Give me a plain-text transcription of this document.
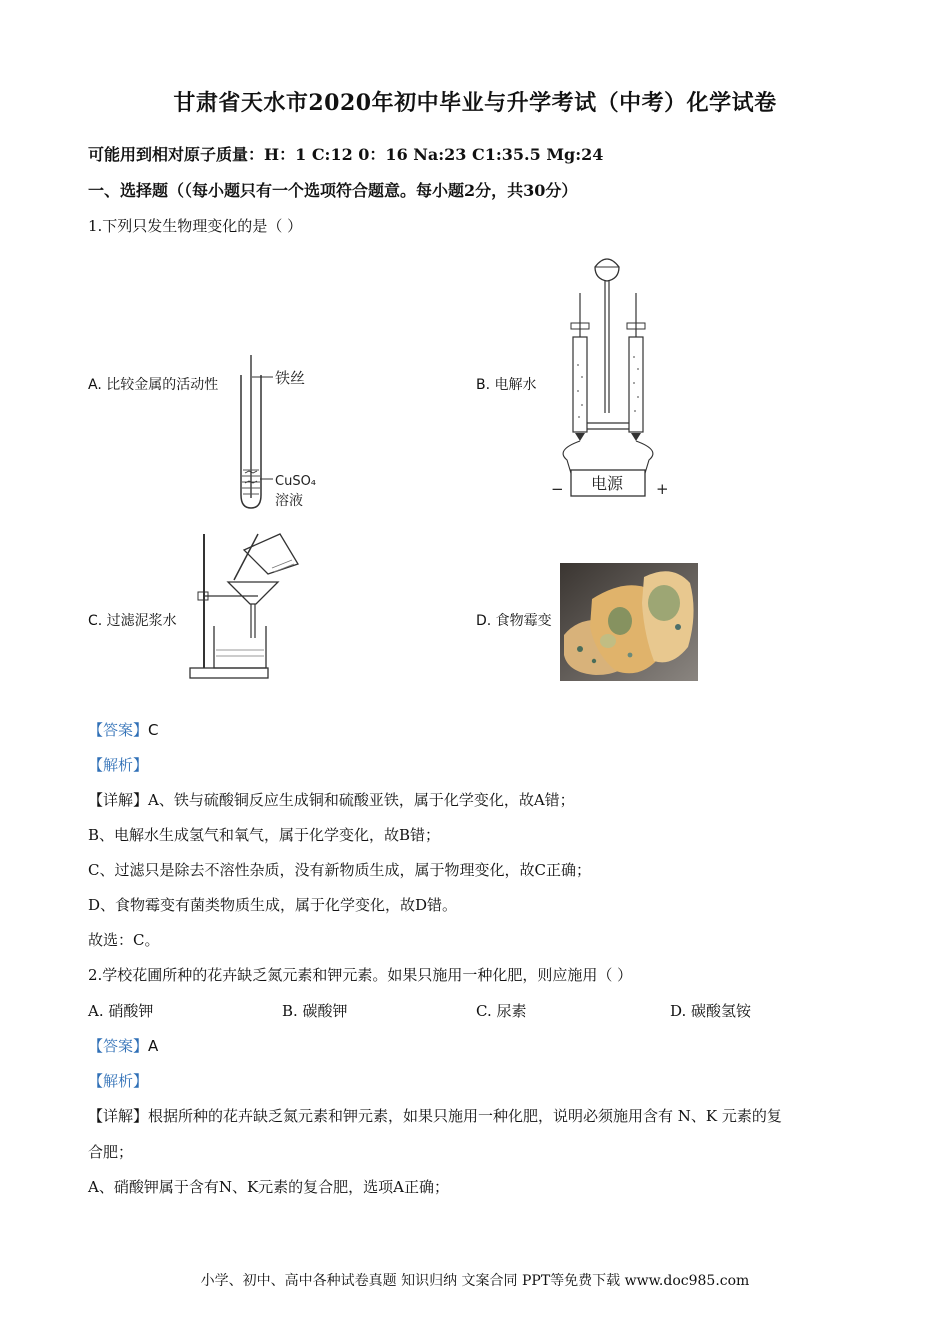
甘肃省天水市2020年初中毕业与升学考试（中考）化学试卷
可能用到相对原子质量：H：1 C:12 0：16 Na:23 C1:35.5 Mg:24
一、选择题（（每小题只有一个选项符合题意。每小题2分，共30分）
1.下列只发生物理变化的是（ ）
A. 比较金属的活动性	B. 电解水
C. 过滤泥浆水	D. 食物霉变
铁丝
CuSO₄
溶液
电源
−	+
【答案】C
【解析】
【详解】A、铁与硫酸铜反应生成铜和硫酸亚铁，属于化学变化，故A错；
B、电解水生成氢气和氧气，属于化学变化，故B错；
C、过滤只是除去不溶性杂质，没有新物质生成，属于物理变化，故C正确；
D、食物霉变有菌类物质生成，属于化学变化，故D错。
故选：C。
2.学校花圃所种的花卉缺乏氮元素和钾元素。如果只施用一种化肥，则应施用（ ）
A. 硝酸钾	B. 碳酸钾	C. 尿素	D. 碳酸氢铵
【答案】A
【解析】
【详解】根据所种的花卉缺乏氮元素和钾元素，如果只施用一种化肥，说明必须施用含有 N、K 元素的复
合肥；
A、硝酸钾属于含有N、K元素的复合肥，选项A正确；
小学、初中、高中各种试卷真题 知识归纳 文案合同 PPT等免费下载 www.doc985.com
